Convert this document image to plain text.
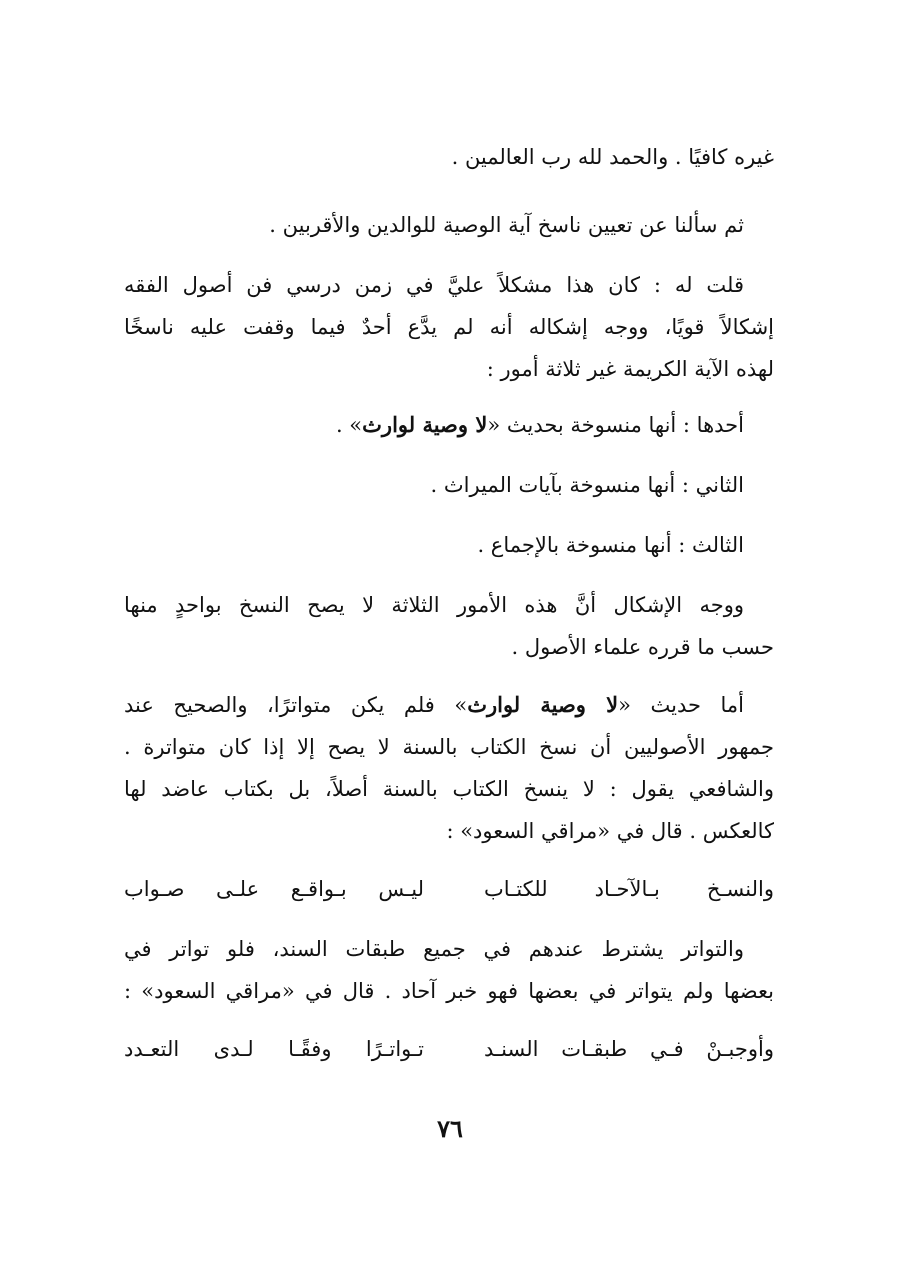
غيره كافيًا . والحمد لله رب العالمين .
ثم سألنا عن تعيين ناسخ آية الوصية للوالدين والأقربين .
قلت له : كان هذا مشكلاً عليَّ في زمن درسي فن أصول الفقه
إشكالاً قويًا، ووجه إشكاله أنه لم يدَّع أحدٌ فيما وقفت عليه ناسخًا
لهذه الآية الكريمة غير ثلاثة أمور :
أحدها : أنها منسوخة بحديث «لا وصية لوارث» .
الثاني : أنها منسوخة بآيات الميراث .
الثالث : أنها منسوخة بالإجماع .
ووجه الإشكال أنَّ هذه الأمور الثلاثة لا يصح النسخ بواحدٍ منها
حسب ما قرره علماء الأصول .
أما حديث «لا وصية لوارث» فلم يكن متواترًا، والصحيح عند
جمهور الأصوليين أن نسخ الكتاب بالسنة لا يصح إلا إذا كان متواترة .
والشافعي يقول : لا ينسخ الكتاب بالسنة أصلاً، بل بكتاب عاضد لها
كالعكس . قال في «مراقي السعود» :
والنسـخ بـالآحـاد للكتـاب
ليـس بـواقـع علـى صـواب
والتواتر يشترط عندهم في جميع طبقات السند، فلو تواتر في
بعضها ولم يتواتر في بعضها فهو خبر آحاد . قال في «مراقي السعود» :
وأوجبـنْ فـي طبقـات السنـد
تـواتـرًا وفقًـا لـدى التعـدد
٧٦
